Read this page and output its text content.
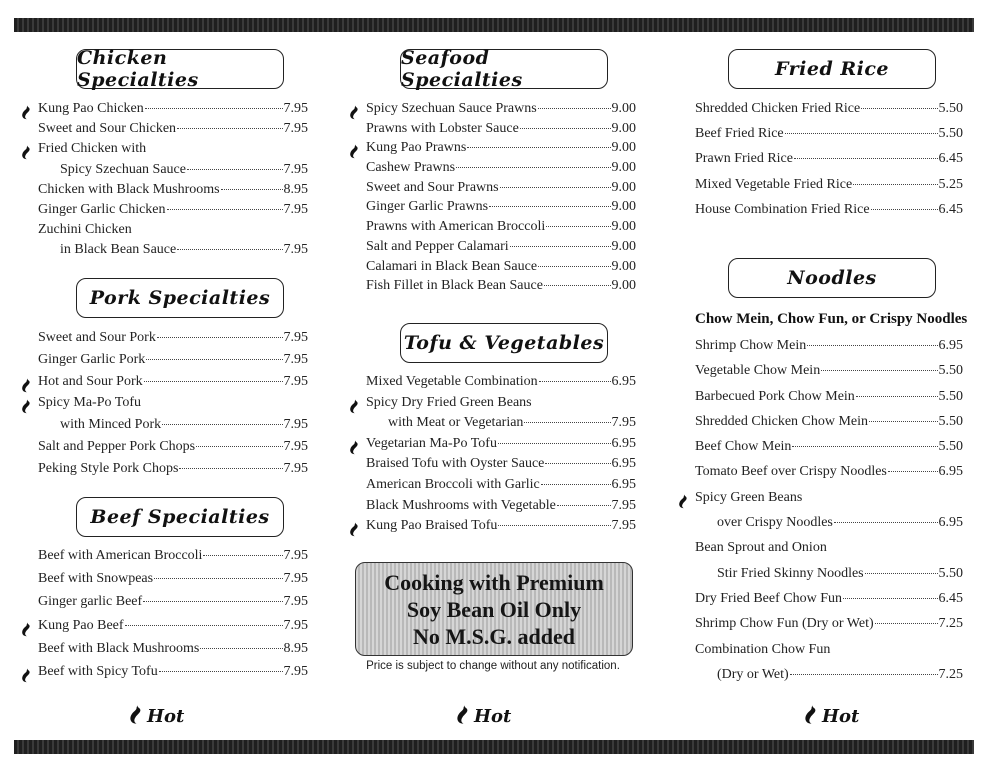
Chicken Specialties
Kung Pao Chicken	7.95
Sweet and Sour Chicken	7.95
Fried Chicken with
Spicy Szechuan Sauce	7.95
Chicken with Black Mushrooms	8.95
Ginger Garlic Chicken	7.95
Zuchini Chicken
in Black Bean Sauce	7.95
Pork Specialties
Sweet and Sour Pork	7.95
Ginger Garlic Pork	7.95
Hot and Sour Pork	7.95
Spicy Ma-Po Tofu
with Minced Pork	7.95
Salt and Pepper Pork Chops	7.95
Peking Style Pork Chops	7.95
Beef Specialties
Beef with American Broccoli	7.95
Beef with Snowpeas	7.95
Ginger garlic Beef	7.95
Kung Pao Beef	7.95
Beef with Black Mushrooms	8.95
Beef with Spicy Tofu	7.95
Seafood Specialties
Spicy Szechuan Sauce Prawns	9.00
Prawns with Lobster Sauce	9.00
Kung Pao Prawns	9.00
Cashew Prawns	9.00
Sweet and Sour Prawns	9.00
Ginger Garlic Prawns	9.00
Prawns with American Broccoli	9.00
Salt and Pepper Calamari	9.00
Calamari in Black Bean Sauce	9.00
Fish Fillet in Black Bean Sauce	9.00
Tofu & Vegetables
Mixed Vegetable Combination	6.95
Spicy Dry Fried Green Beans
with Meat or Vegetarian	7.95
Vegetarian Ma-Po Tofu	6.95
Braised Tofu with Oyster Sauce	6.95
American Broccoli with Garlic	6.95
Black Mushrooms with Vegetable	7.95
Kung Pao Braised Tofu	7.95
Cooking with Premium
Soy Bean Oil Only
No M.S.G. added
Price is subject to change without any notification.
Fried Rice
Shredded Chicken Fried Rice	5.50
Beef Fried Rice	5.50
Prawn Fried Rice	6.45
Mixed Vegetable Fried Rice	5.25
House Combination Fried Rice	6.45
Noodles
Chow Mein, Chow Fun, or Crispy Noodles
Shrimp Chow Mein	6.95
Vegetable Chow Mein	5.50
Barbecued Pork Chow Mein	5.50
Shredded Chicken Chow Mein	5.50
Beef Chow Mein	5.50
Tomato Beef over Crispy Noodles	6.95
Spicy Green Beans
over Crispy Noodles	6.95
Bean Sprout and Onion
Stir Fried Skinny Noodles	5.50
Dry Fried Beef Chow Fun	6.45
Shrimp Chow Fun (Dry or Wet)	7.25
Combination Chow Fun
(Dry or Wet)	7.25
Hot	Hot	Hot
